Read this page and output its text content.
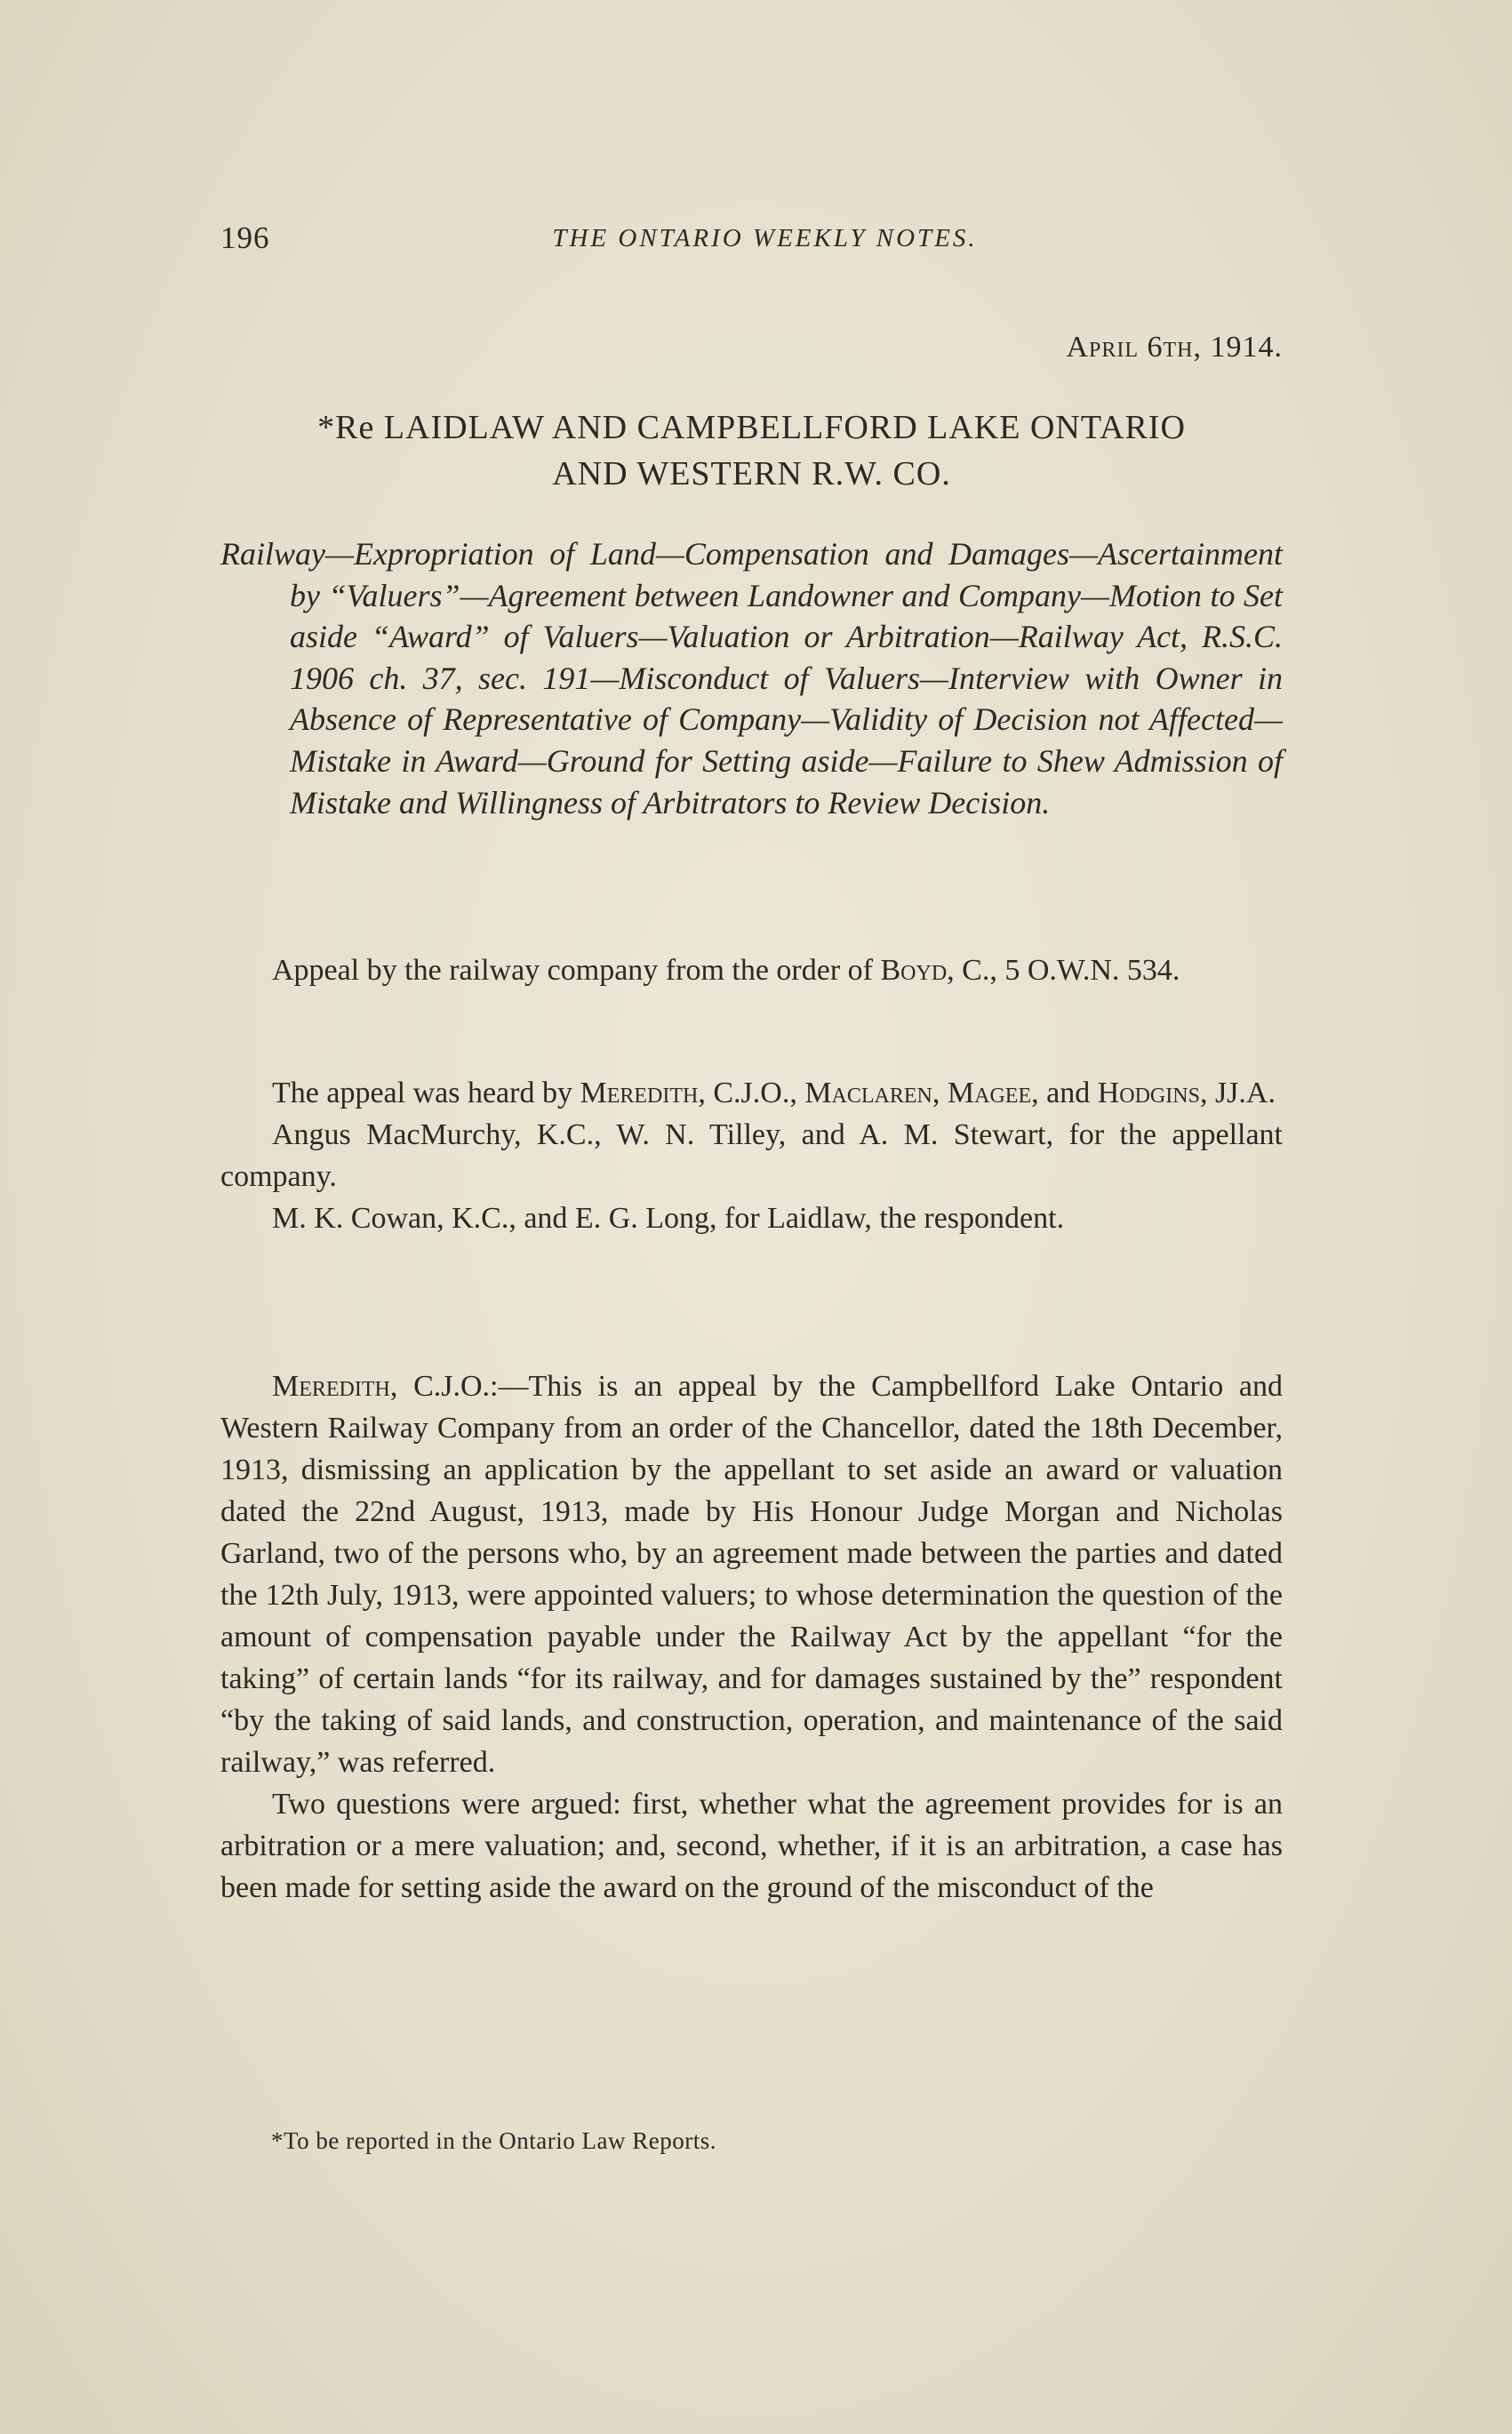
196	THE ONTARIO WEEKLY NOTES.
April 6th, 1914.
*Re LAIDLAW AND CAMPBELLFORD LAKE ONTARIO
AND WESTERN R.W. CO.

Railway—Expropriation of Land—Compensation and Damages—Ascertainment by “Valuers”—Agreement between Landowner and Company—Motion to Set aside “Award” of Valuers—Valuation or Arbitration—Railway Act, R.S.C. 1906 ch. 37, sec. 191—Misconduct of Valuers—Interview with Owner in Absence of Representative of Company—Validity of Decision not Affected—Mistake in Award—Ground for Setting aside—Failure to Shew Admission of Mistake and Willingness of Arbitrators to Review Decision.

Appeal by the railway company from the order of Boyd, C., 5 O.W.N. 534.

The appeal was heard by Meredith, C.J.O., Maclaren, Magee, and Hodgins, JJ.A.

Angus MacMurchy, K.C., W. N. Tilley, and A. M. Stewart, for the appellant company.

M. K. Cowan, K.C., and E. G. Long, for Laidlaw, the respondent.

Meredith, C.J.O.:—This is an appeal by the Campbellford Lake Ontario and Western Railway Company from an order of the Chancellor, dated the 18th December, 1913, dismissing an application by the appellant to set aside an award or valuation dated the 22nd August, 1913, made by His Honour Judge Morgan and Nicholas Garland, two of the persons who, by an agreement made between the parties and dated the 12th July, 1913, were appointed valuers; to whose determination the question of the amount of compensation payable under the Railway Act by the appellant “for the taking” of certain lands “for its railway, and for damages sustained by the” respondent “by the taking of said lands, and construction, operation, and maintenance of the said railway,” was referred.

Two questions were argued: first, whether what the agreement provides for is an arbitration or a mere valuation; and, second, whether, if it is an arbitration, a case has been made for setting aside the award on the ground of the misconduct of the

*To be reported in the Ontario Law Reports.
